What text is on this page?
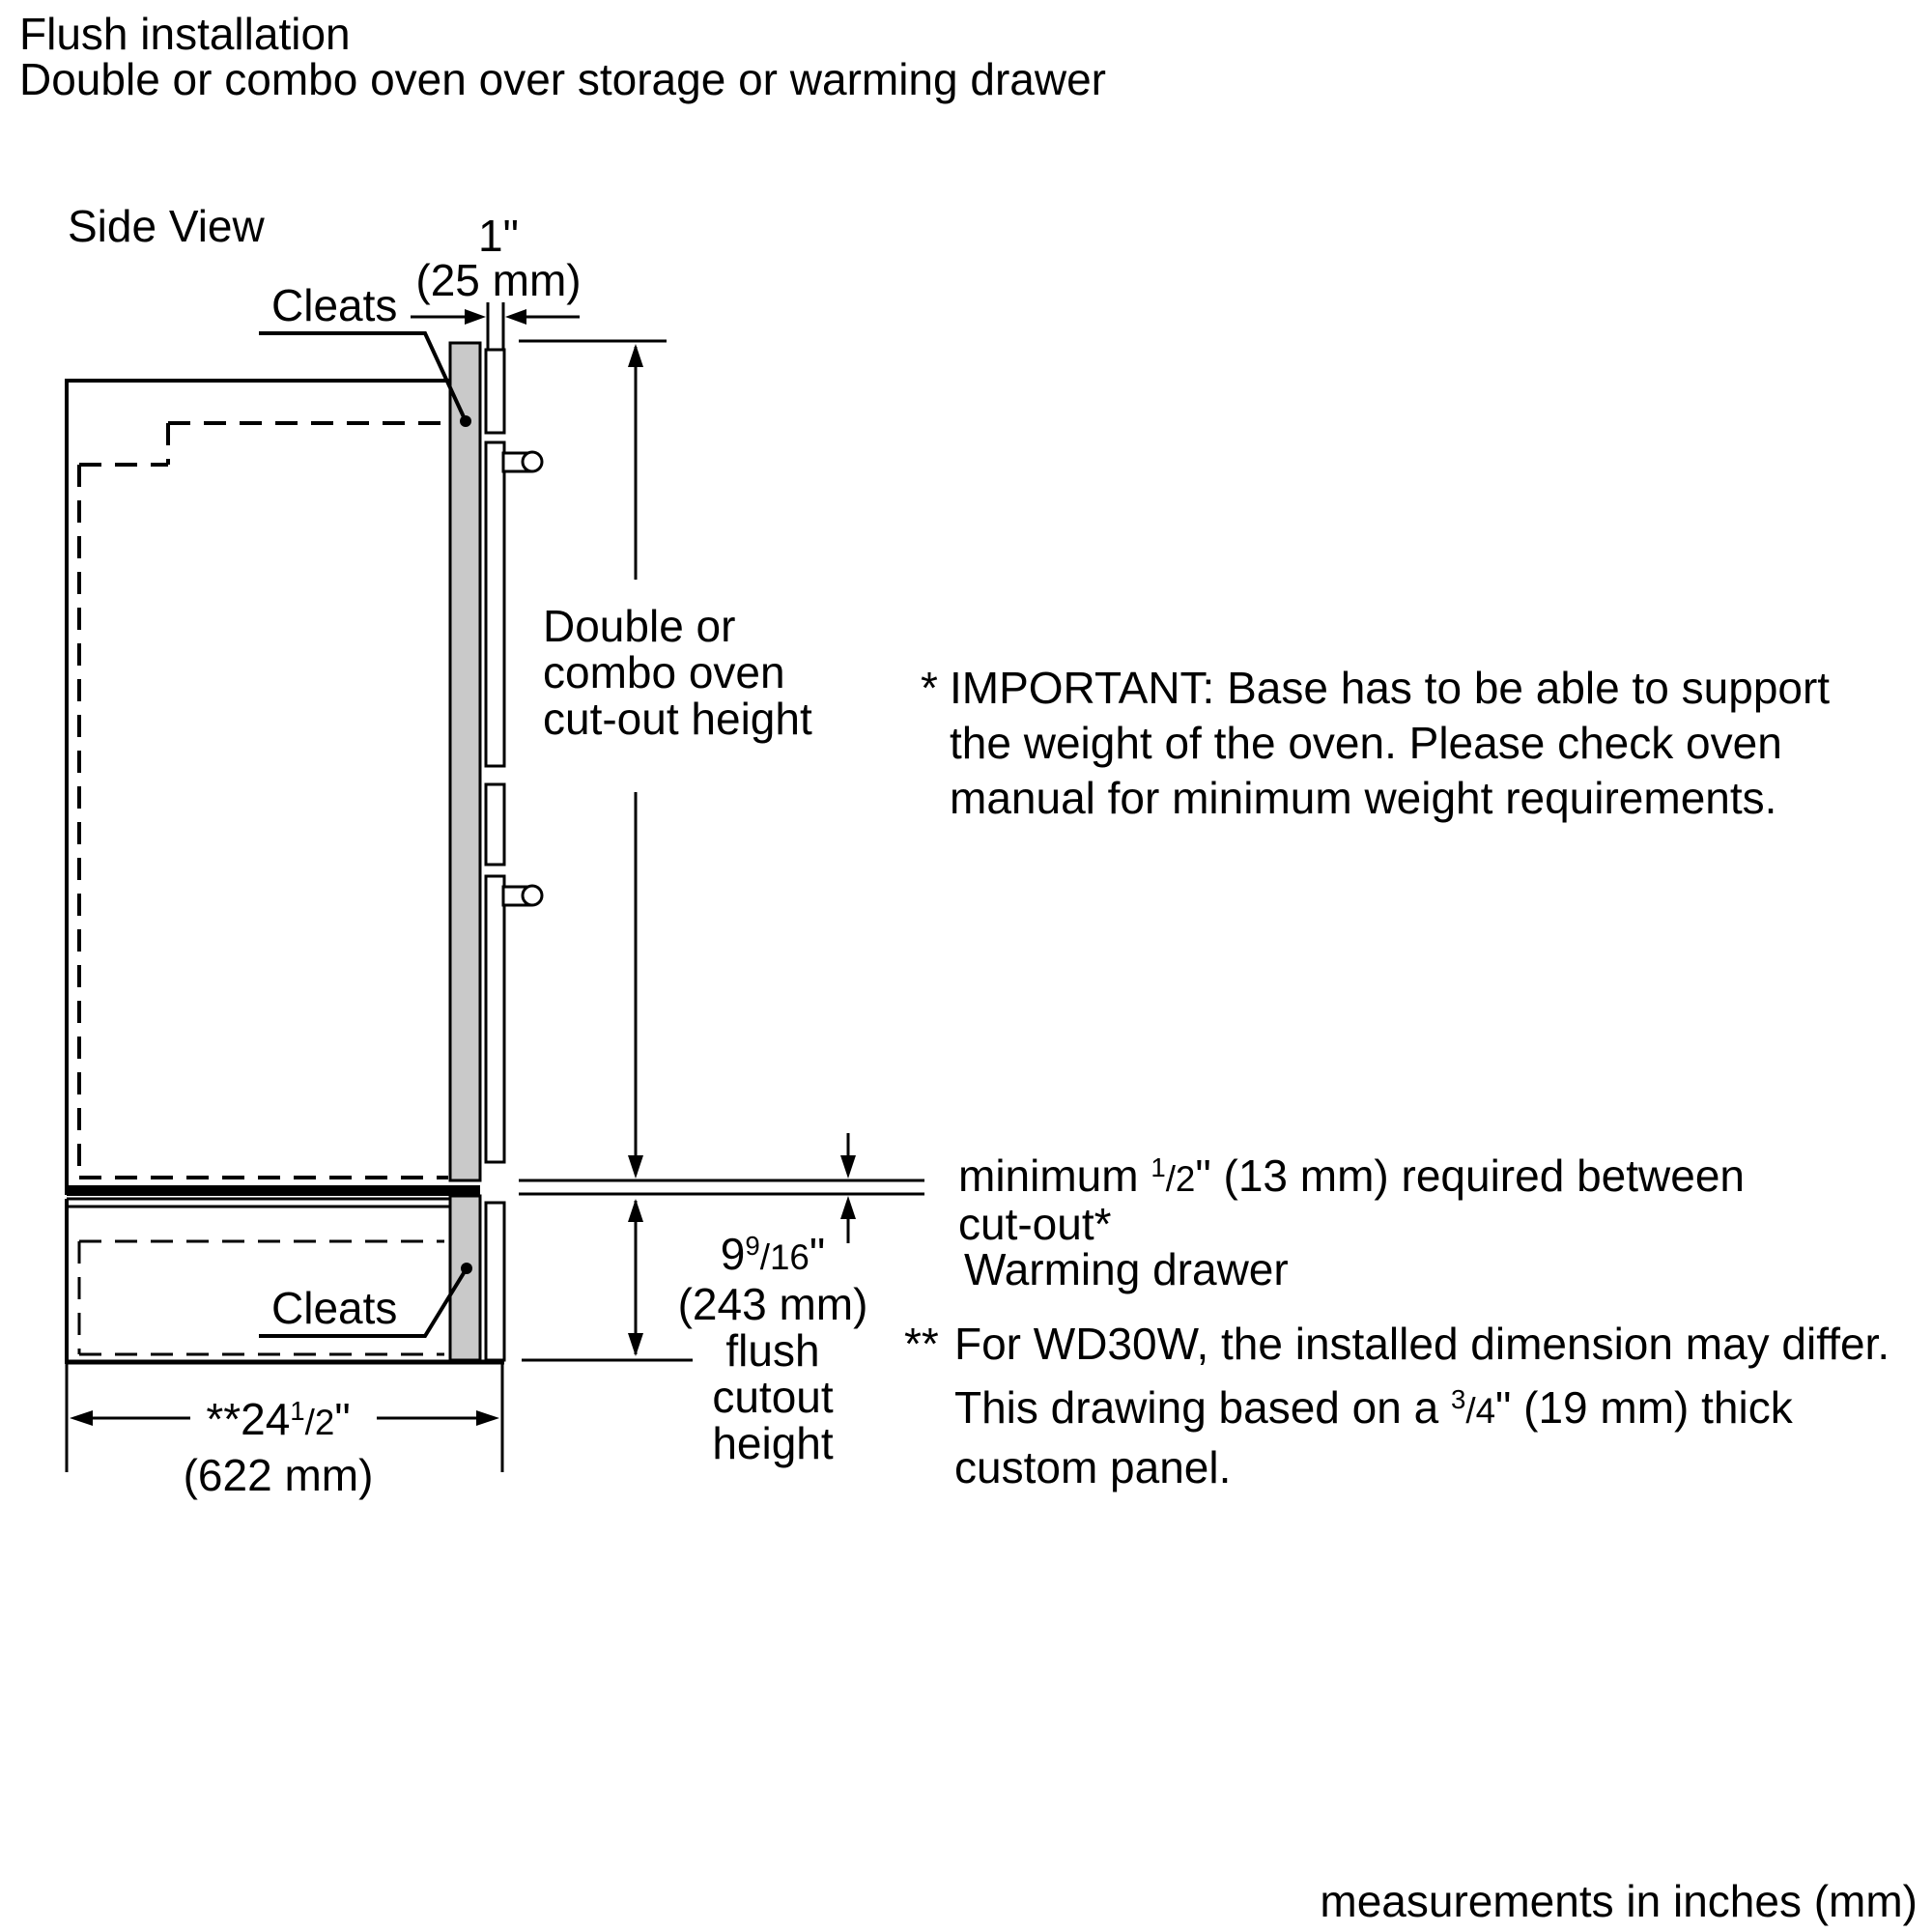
Flush installation
Double or combo oven over storage or warming drawer
Side View	1"
(25 mm)
Cleats
Double or
combo oven
cut-out height
* IMPORTANT: Base has to be able to support
the weight of the oven. Please check oven
manual for minimum weight requirements.
minimum $^1$/2" (13 mm) required between
cut-out*
Warming drawer
9$^9$/16"
(243 mm)
flush
cutout
height
Cleats
** For WD30W, the installed dimension may differ.
This drawing based on a $^3$/4" (19 mm) thick
custom panel.
**24$^1$/2"
(622 mm)
measurements in inches (mm)
